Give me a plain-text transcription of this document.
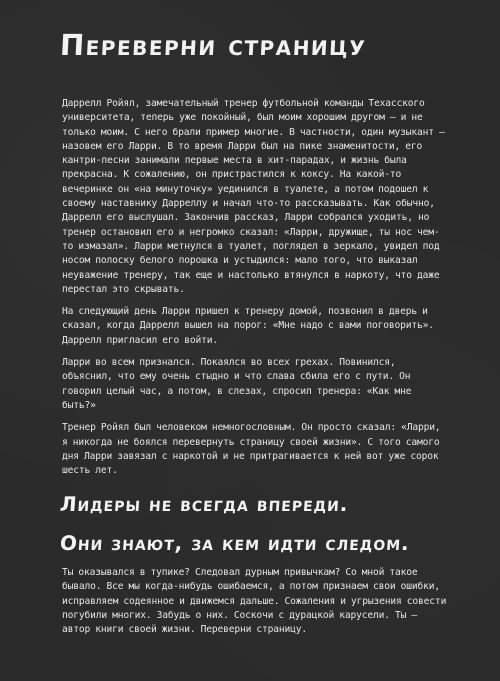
Переверни страницу

Даррелл Ройял, замечательный тренер футбольной команды Техасского университета, теперь уже покойный, был моим хорошим другом — и не только моим. С него брали пример многие. В частности, один музыкант — назовем его Ларри. В то время Ларри был на пике знаменитости, его кантри-песни занимали первые места в хит-парадах, и жизнь была прекрасна. К сожалению, он пристрастился к коксу. На какой-то вечеринке он «на минуточку» уединился в туалете, а потом подошел к своему наставнику Дарреллу и начал что-то рассказывать. Как обычно, Даррелл его выслушал. Закончив рассказ, Ларри собрался уходить, но тренер остановил его и негромко сказал: «Ларри, дружище, ты нос чем-то измазал». Ларри метнулся в туалет, поглядел в зеркало, увидел под носом полоску белого порошка и устыдился: мало того, что выказал неуважение тренеру, так еще и настолько втянулся в наркоту, что даже перестал это скрывать.

На следующий день Ларри пришел к тренеру домой, позвонил в дверь и сказал, когда Даррелл вышел на порог: «Мне надо с вами поговорить». Даррелл пригласил его войти.

Ларри во всем признался. Покаялся во всех грехах. Повинился, объяснил, что ему очень стыдно и что слава сбила его с пути. Он говорил целый час, а потом, в слезах, спросил тренера: «Как мне быть?»

Тренер Ройял был человеком немногословным. Он просто сказал: «Ларри, я никогда не боялся перевернуть страницу своей жизни». С того самого дня Ларри завязал с наркотой и не притрагивается к ней вот уже сорок шесть лет.

Лидеры не всегда впереди.
Они знают, за кем идти следом.

Ты оказывался в тупике? Следовал дурным привычкам? Со мной такое бывало. Все мы когда-нибудь ошибаемся, а потом признаем свои ошибки, исправляем содеянное и движемся дальше. Сожаления и угрызения совести погубили многих. Забудь о них. Соскочи с дурацкой карусели. Ты — автор книги своей жизни. Переверни страницу.
